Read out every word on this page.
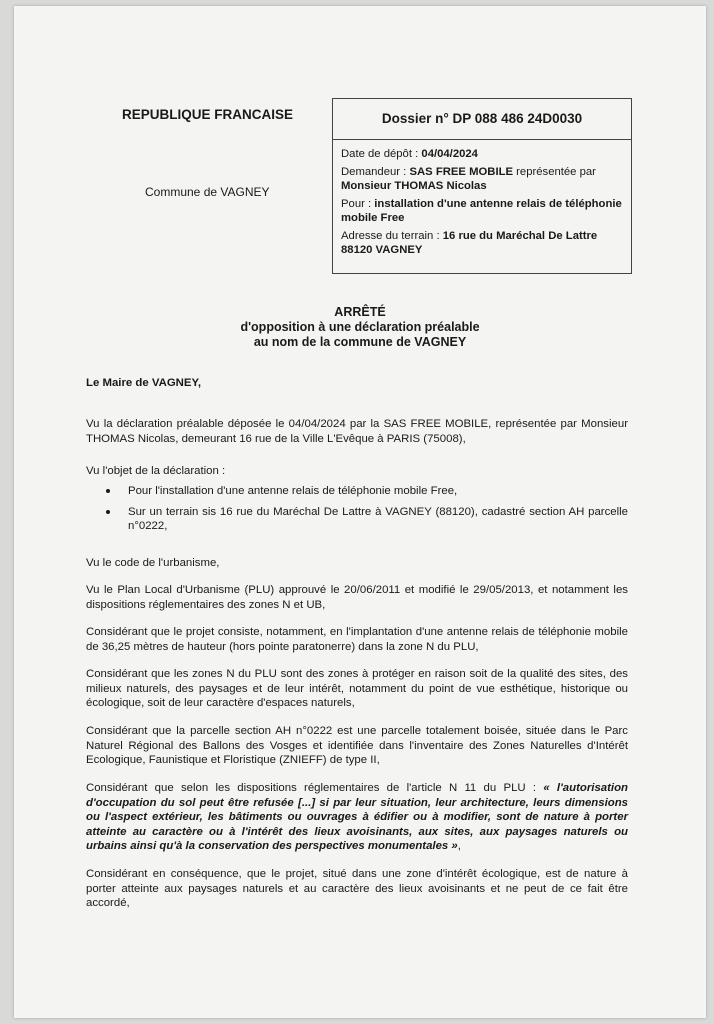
REPUBLIQUE FRANCAISE
Commune de VAGNEY
Dossier n° DP 088 486 24D0030
Date de dépôt : 04/04/2024
Demandeur : SAS FREE MOBILE représentée par
Monsieur THOMAS Nicolas
Pour : installation d'une antenne relais de téléphonie mobile Free
Adresse du terrain : 16 rue du Maréchal De Lattre
88120 VAGNEY
ARRÊTÉ
d'opposition à une déclaration préalable
au nom de la commune de VAGNEY
Le Maire de VAGNEY,
Vu la déclaration préalable déposée le 04/04/2024 par la SAS FREE MOBILE, représentée par Monsieur THOMAS Nicolas, demeurant 16 rue de la Ville L'Evêque à PARIS (75008),
Vu l'objet de la déclaration :
Pour l'installation d'une antenne relais de téléphonie mobile Free,
Sur un terrain sis 16 rue du Maréchal De Lattre à VAGNEY (88120), cadastré section AH parcelle n°0222,
Vu le code de l'urbanisme,
Vu le Plan Local d'Urbanisme (PLU) approuvé le 20/06/2011 et modifié le 29/05/2013, et notamment les dispositions réglementaires des zones N et UB,
Considérant que le projet consiste, notamment, en l'implantation d'une antenne relais de téléphonie mobile de 36,25 mètres de hauteur (hors pointe paratonerre) dans la zone N du PLU,
Considérant que les zones N du PLU sont des zones à protéger en raison soit de la qualité des sites, des milieux naturels, des paysages et de leur intérêt, notamment du point de vue esthétique, historique ou écologique, soit de leur caractère d'espaces naturels,
Considérant que la parcelle section AH n°0222 est une parcelle totalement boisée, située dans le Parc Naturel Régional des Ballons des Vosges et identifiée dans l'inventaire des Zones Naturelles d'Intérêt Ecologique, Faunistique et Floristique (ZNIEFF) de type II,
Considérant que selon les dispositions réglementaires de l'article N 11 du PLU : « l'autorisation d'occupation du sol peut être refusée [...] si par leur situation, leur architecture, leurs dimensions ou l'aspect extérieur, les bâtiments ou ouvrages à édifier ou à modifier, sont de nature à porter atteinte au caractère ou à l'intérêt des lieux avoisinants, aux sites, aux paysages naturels ou urbains ainsi qu'à la conservation des perspectives monumentales »,
Considérant en conséquence, que le projet, situé dans une zone d'intérêt écologique, est de nature à porter atteinte aux paysages naturels et au caractère des lieux avoisinants et ne peut de ce fait être accordé,
